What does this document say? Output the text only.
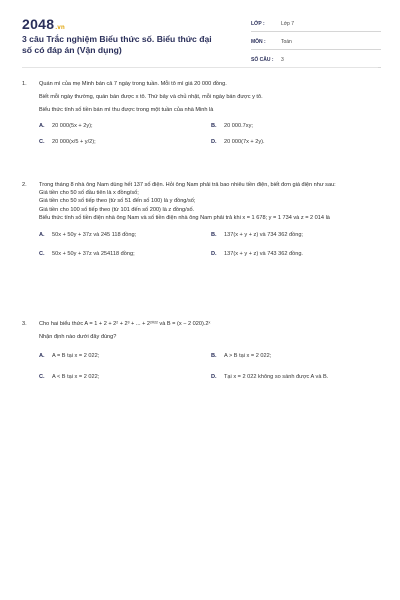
2048.vn
3 câu Trắc nghiệm Biểu thức số. Biểu thức đại số có đáp án (Vận dụng)
LỚP :	Lớp 7
MÔN :	Toán
SỐ CÂU :	3
1.	Quán mì của mẹ Minh bán cả 7 ngày trong tuần. Mỗi tô mì giá 20 000 đồng.

Biết mỗi ngày thường, quán bán được x tô. Thứ bảy và chủ nhật, mỗi ngày bán được y tô.

Biểu thức tính số tiền bán mì thu được trong một tuần của nhà Minh là

A.	20 000(5x + 2y);	B.	20 000.7xy;
C.	20 000(x/5 + y/2);	D.	20 000(7x + 2y).
2.	Trong tháng 8 nhà ông Nam dùng hết 137 số điện. Hỏi ông Nam phải trả bao nhiêu tiền điện, biết đơn giá điện như sau:

Giá tiền cho 50 số đầu tiên là x đồng/số;

Giá tiền cho 50 số tiếp theo (từ số 51 đến số 100) là y đồng/số;

Giá tiền cho 100 số tiếp theo (từ 101 đến số 200) là z đồng/số.

Biểu thức tính số tiền điện nhà ông Nam và số tiền điện nhà ông Nam phải trả khi x = 1 678; y = 1 734 và z = 2 014 là

A.	50x + 50y + 37z và 245 118 đồng;	B.	137(x + y + z) và 734 362 đồng;
C.	50x + 50y + 37z và 254118 đồng;	D.	137(x + y + z) và 743 362 đồng.
3.	Cho hai biểu thức A = 1 + 2 + 2² + 2³ + ... + 2²⁰²² và B = (x − 2 020).2ˣ

Nhận định nào dưới đây đúng?

A.	A = B tại x = 2 022;	B.	A > B tại x = 2 022;
C.	A < B tại x = 2 022;	D.	Tại x = 2 022 không so sánh được A và B.
